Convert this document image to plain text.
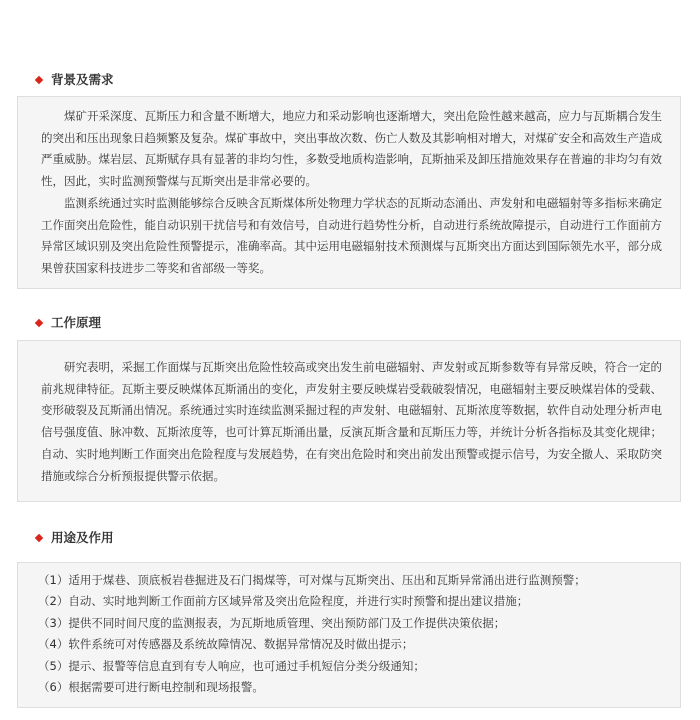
背景及需求

煤矿开采深度、瓦斯压力和含量不断增大，地应力和采动影响也逐渐增大，突出危险性越来越高，应力与瓦斯耦合发生的突出和压出现象日趋频繁及复杂。煤矿事故中，突出事故次数、伤亡人数及其影响相对增大，对煤矿安全和高效生产造成严重威胁。煤岩层、瓦斯赋存具有显著的非均匀性，多数受地质构造影响，瓦斯抽采及卸压措施效果存在普遍的非均匀有效性，因此，实时监测预警煤与瓦斯突出是非常必要的。

监测系统通过实时监测能够综合反映含瓦斯煤体所处物理力学状态的瓦斯动态涌出、声发射和电磁辐射等多指标来确定工作面突出危险性，能自动识别干扰信号和有效信号，自动进行趋势性分析，自动进行系统故障提示，自动进行工作面前方异常区域识别及突出危险性预警提示，准确率高。其中运用电磁辐射技术预测煤与瓦斯突出方面达到国际领先水平，部分成果曾获国家科技进步二等奖和省部级一等奖。

工作原理

研究表明，采掘工作面煤与瓦斯突出危险性较高或突出发生前电磁辐射、声发射或瓦斯参数等有异常反映，符合一定的前兆规律特征。瓦斯主要反映煤体瓦斯涌出的变化，声发射主要反映煤岩受载破裂情况，电磁辐射主要反映煤岩体的受载、变形破裂及瓦斯涌出情况。系统通过实时连续监测采掘过程的声发射、电磁辐射、瓦斯浓度等数据，软件自动处理分析声电信号强度值、脉冲数、瓦斯浓度等，也可计算瓦斯涌出量，反演瓦斯含量和瓦斯压力等，并统计分析各指标及其变化规律；自动、实时地判断工作面突出危险程度与发展趋势，在有突出危险时和突出前发出预警或提示信号，为安全撤人、采取防突措施或综合分析预报提供警示依据。

用途及作用
（1）适用于煤巷、顶底板岩巷掘进及石门揭煤等，可对煤与瓦斯突出、压出和瓦斯异常涌出进行监测预警；
（2）自动、实时地判断工作面前方区域异常及突出危险程度，并进行实时预警和提出建议措施；
（3）提供不同时间尺度的监测报表，为瓦斯地质管理、突出预防部门及工作提供决策依据；
（4）软件系统可对传感器及系统故障情况、数据异常情况及时做出提示；
（5）提示、报警等信息直到有专人响应，也可通过手机短信分类分级通知；
（6）根据需要可进行断电控制和现场报警。
